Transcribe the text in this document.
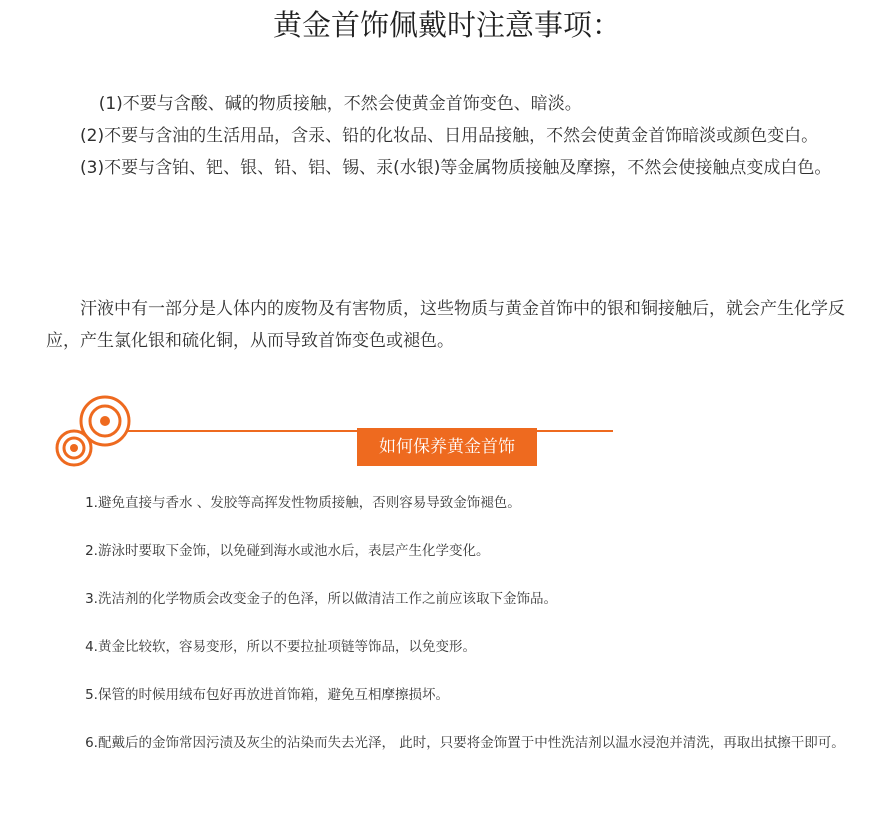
黄金首饰佩戴时注意事项：

(1)不要与含酸、碱的物质接触，不然会使黄金首饰变色、暗淡。

(2)不要与含油的生活用品，含汞、铅的化妆品、日用品接触，不然会使黄金首饰暗淡或颜色变白。

(3)不要与含铂、钯、银、铅、铝、锡、汞(水银)等金属物质接触及摩擦，不然会使接触点变成白色。

汗液中有一部分是人体内的废物及有害物质，这些物质与黄金首饰中的银和铜接触后，就会产生化学反应，产生氯化银和硫化铜，从而导致首饰变色或褪色。

如何保养黄金首饰

1.避免直接与香水 、发胶等高挥发性物质接触，否则容易导致金饰褪色。

2.游泳时要取下金饰，以免碰到海水或池水后，表层产生化学变化。

3.洗洁剂的化学物质会改变金子的色泽，所以做清洁工作之前应该取下金饰品。

4.黄金比较软，容易变形，所以不要拉扯项链等饰品，以免变形。

5.保管的时候用绒布包好再放进首饰箱，避免互相摩擦损坏。

6.配戴后的金饰常因污渍及灰尘的沾染而失去光泽， 此时，只要将金饰置于中性洗洁剂以温水浸泡并清洗，再取出拭擦干即可。
